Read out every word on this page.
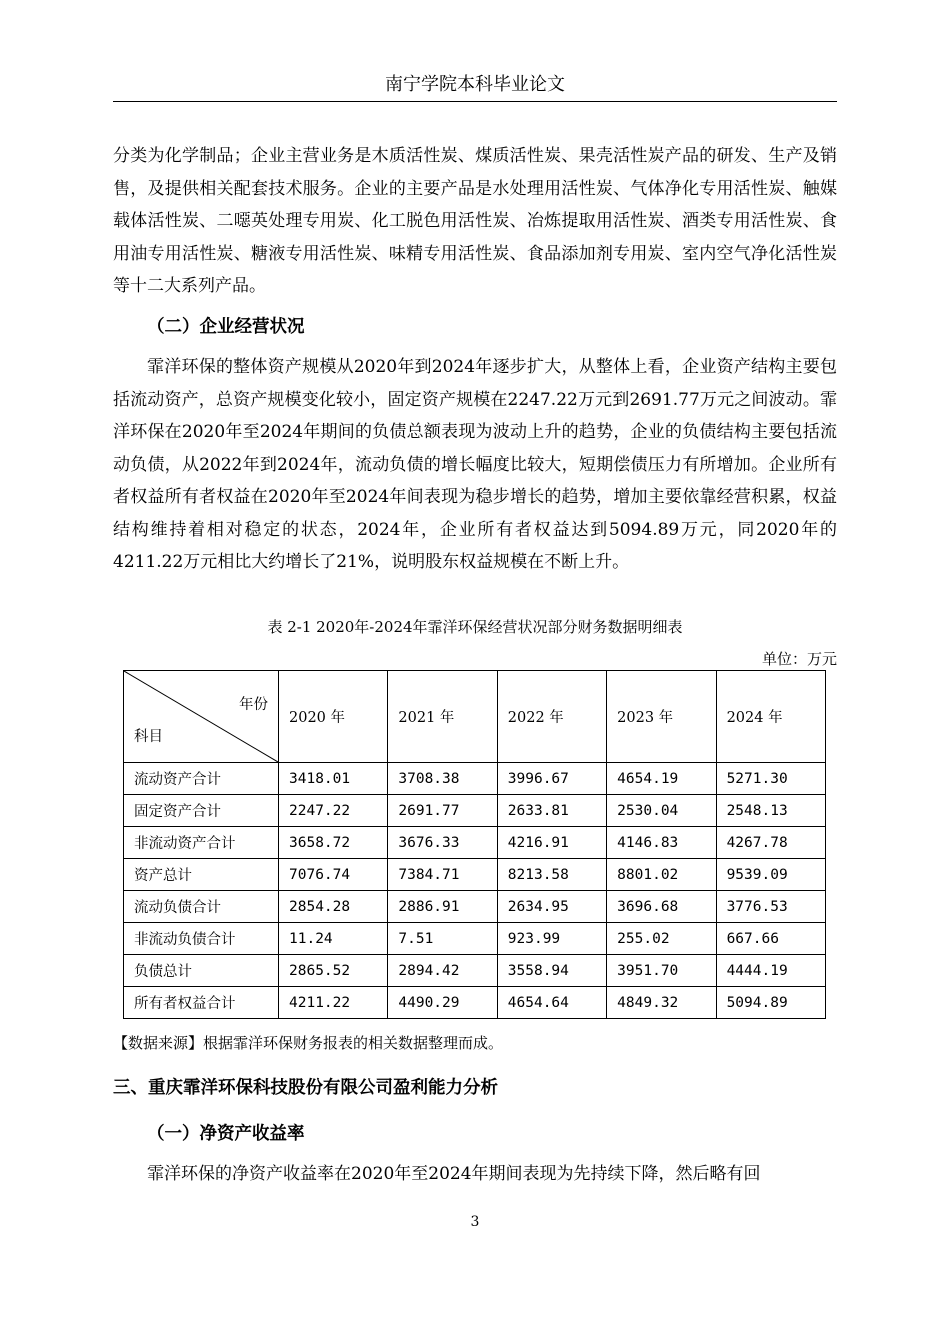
南宁学院本科毕业论文

分类为化学制品；企业主营业务是木质活性炭、煤质活性炭、果壳活性炭产品的研发、生产及销售，及提供相关配套技术服务。企业的主要产品是水处理用活性炭、气体净化专用活性炭、触媒载体活性炭、二噁英处理专用炭、化工脱色用活性炭、冶炼提取用活性炭、酒类专用活性炭、食用油专用活性炭、糖液专用活性炭、味精专用活性炭、食品添加剂专用炭、室内空气净化活性炭等十二大系列产品。

（二）企业经营状况

霏洋环保的整体资产规模从2020年到2024年逐步扩大，从整体上看，企业资产结构主要包括流动资产，总资产规模变化较小，固定资产规模在2247.22万元到2691.77万元之间波动。霏洋环保在2020年至2024年期间的负债总额表现为波动上升的趋势，企业的负债结构主要包括流动负债，从2022年到2024年，流动负债的增长幅度比较大，短期偿债压力有所增加。企业所有者权益所有者权益在2020年至2024年间表现为稳步增长的趋势，增加主要依靠经营积累，权益结构维持着相对稳定的状态，2024年，企业所有者权益达到5094.89万元，同2020年的4211.22万元相比大约增长了21%，说明股东权益规模在不断上升。

表 2-1 2020年-2024年霏洋环保经营状况部分财务数据明细表
单位：万元
年份
科目	2020 年	2021 年	2022 年	2023 年	2024 年
流动资产合计	3418.01	3708.38	3996.67	4654.19	5271.30
固定资产合计	2247.22	2691.77	2633.81	2530.04	2548.13
非流动资产合计	3658.72	3676.33	4216.91	4146.83	4267.78
资产总计	7076.74	7384.71	8213.58	8801.02	9539.09
流动负债合计	2854.28	2886.91	2634.95	3696.68	3776.53
非流动负债合计	11.24	7.51	923.99	255.02	667.66
负债总计	2865.52	2894.42	3558.94	3951.70	4444.19
所有者权益合计	4211.22	4490.29	4654.64	4849.32	5094.89
【数据来源】根据霏洋环保财务报表的相关数据整理而成。

三、重庆霏洋环保科技股份有限公司盈利能力分析

（一）净资产收益率

霏洋环保的净资产收益率在2020年至2024年期间表现为先持续下降，然后略有回

3
